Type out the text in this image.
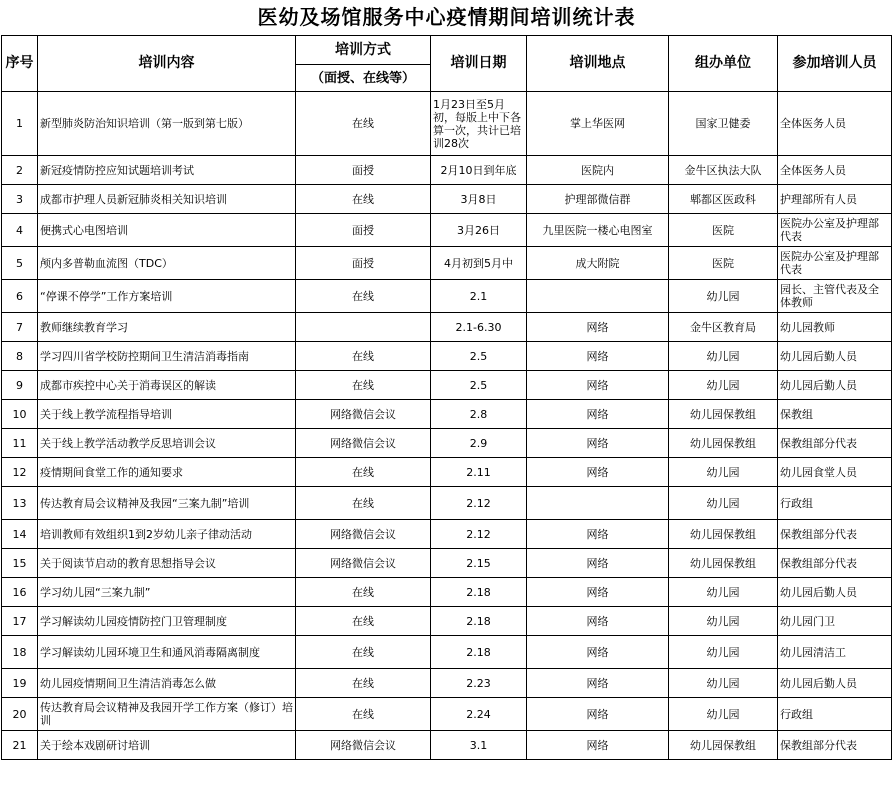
医幼及场馆服务中心疫情期间培训统计表
序号	培训内容	培训方式	培训日期	培训地点	组办单位	参加培训人员
		（面授、在线等）				
1	新型肺炎防治知识培训（第一版到第七版）	在线	1月23日至5月初，每版上中下各算一次，共计已培训28次	掌上华医网	国家卫健委	全体医务人员
2	新冠疫情防控应知试题培训考试	面授	2月10日到年底	医院内	金牛区执法大队	全体医务人员
3	成都市护理人员新冠肺炎相关知识培训	在线	3月8日	护理部微信群	郫都区医政科	护理部所有人员
4	便携式心电图培训	面授	3月26日	九里医院一楼心电图室	医院	医院办公室及护理部代表
5	颅内多普勒血流图（TDC）	面授	4月初到5月中	成大附院	医院	医院办公室及护理部代表
6	“停课不停学”工作方案培训	在线	2.1		幼儿园	园长、主管代表及全体教师
7	教师继续教育学习		2.1-6.30	网络	金牛区教育局	幼儿园教师
8	学习四川省学校防控期间卫生清洁消毒指南	在线	2.5	网络	幼儿园	幼儿园后勤人员
9	成都市疾控中心关于消毒误区的解读	在线	2.5	网络	幼儿园	幼儿园后勤人员
10	关于线上教学流程指导培训	网络微信会议	2.8	网络	幼儿园保教组	保教组
11	关于线上教学活动教学反思培训会议	网络微信会议	2.9	网络	幼儿园保教组	保教组部分代表
12	疫情期间食堂工作的通知要求	在线	2.11	网络	幼儿园	幼儿园食堂人员
13	传达教育局会议精神及我园“三案九制”培训	在线	2.12		幼儿园	行政组
14	培训教师有效组织1到2岁幼儿亲子律动活动	网络微信会议	2.12	网络	幼儿园保教组	保教组部分代表
15	关于阅读节启动的教育思想指导会议	网络微信会议	2.15	网络	幼儿园保教组	保教组部分代表
16	学习幼儿园“三案九制”	在线	2.18	网络	幼儿园	幼儿园后勤人员
17	学习解读幼儿园疫情防控门卫管理制度	在线	2.18	网络	幼儿园	幼儿园门卫
18	学习解读幼儿园环境卫生和通风消毒隔离制度	在线	2.18	网络	幼儿园	幼儿园清洁工
19	幼儿园疫情期间卫生清洁消毒怎么做	在线	2.23	网络	幼儿园	幼儿园后勤人员
20	传达教育局会议精神及我园开学工作方案（修订）培训	在线	2.24	网络	幼儿园	行政组
21	关于绘本戏剧研讨培训	网络微信会议	3.1	网络	幼儿园保教组	保教组部分代表
